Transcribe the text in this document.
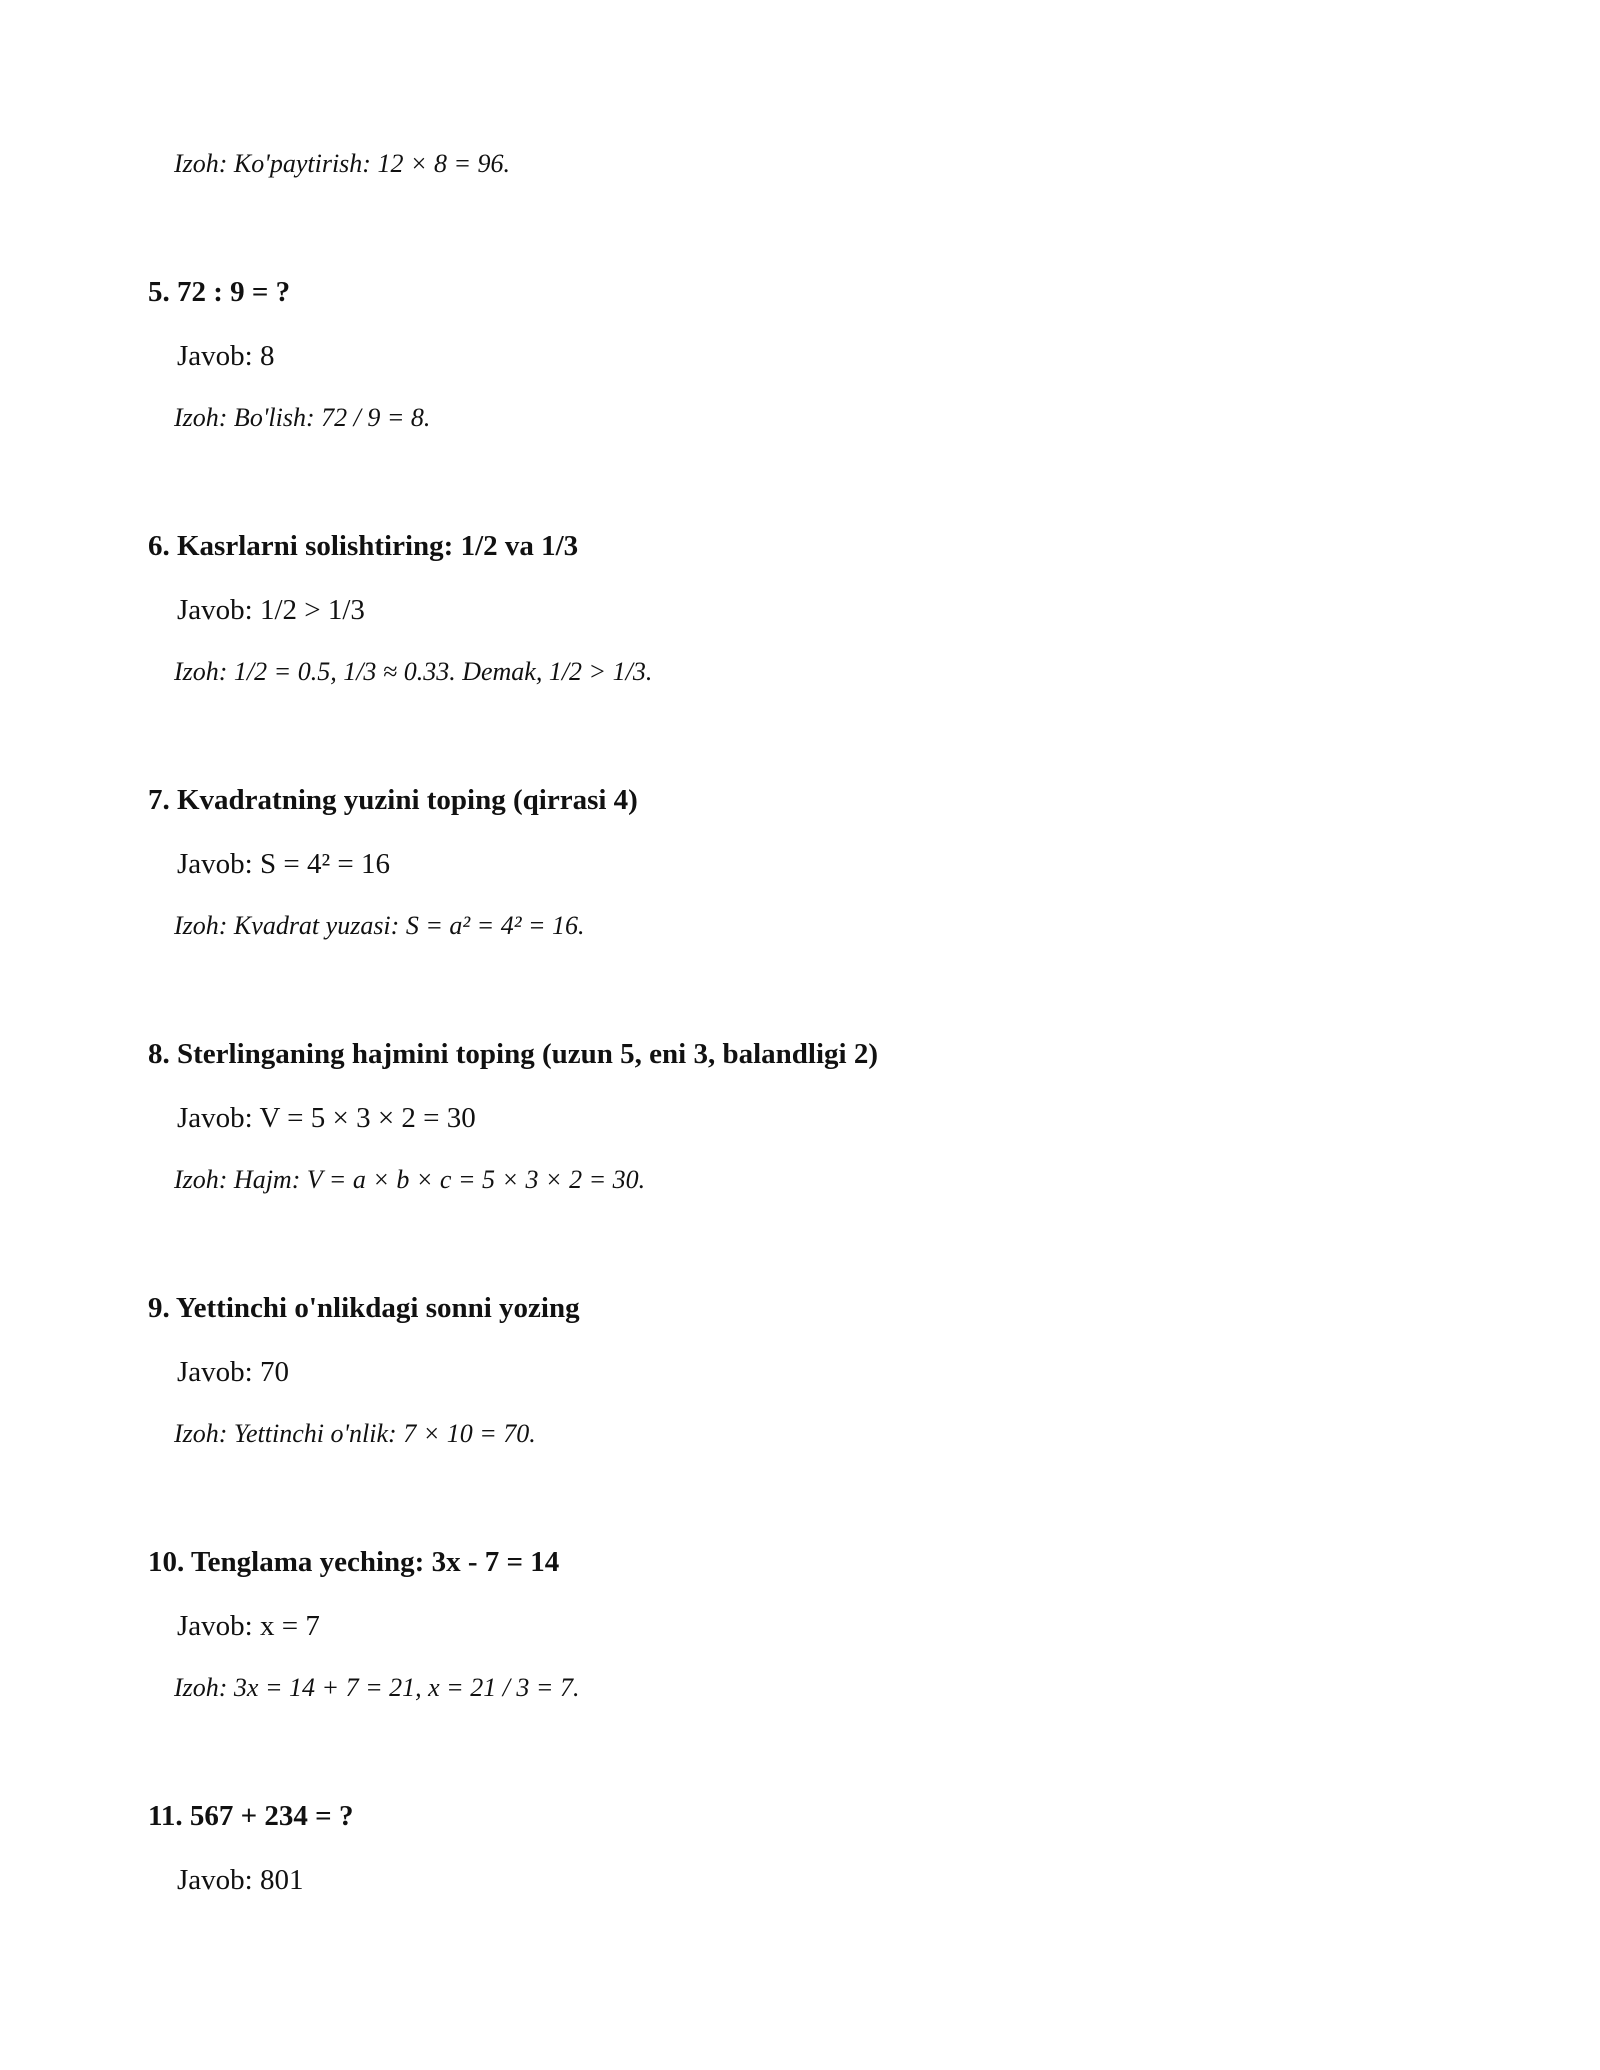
Izoh: Ko'paytirish: 12 × 8 = 96.
5. 72 : 9 = ?
Javob: 8
Izoh: Bo'lish: 72 / 9 = 8.
6. Kasrlarni solishtiring: 1/2 va 1/3
Javob: 1/2 > 1/3
Izoh: 1/2 = 0.5, 1/3 ≈ 0.33. Demak, 1/2 > 1/3.
7. Kvadratning yuzini toping (qirrasi 4)
Javob: S = 4² = 16
Izoh: Kvadrat yuzasi: S = a² = 4² = 16.
8. Sterlinganing hajmini toping (uzun 5, eni 3, balandligi 2)
Javob: V = 5 × 3 × 2 = 30
Izoh: Hajm: V = a × b × c = 5 × 3 × 2 = 30.
9. Yettinchi o'nlikdagi sonni yozing
Javob: 70
Izoh: Yettinchi o'nlik: 7 × 10 = 70.
10. Tenglama yeching: 3x - 7 = 14
Javob: x = 7
Izoh: 3x = 14 + 7 = 21, x = 21 / 3 = 7.
11. 567 + 234 = ?
Javob: 801
